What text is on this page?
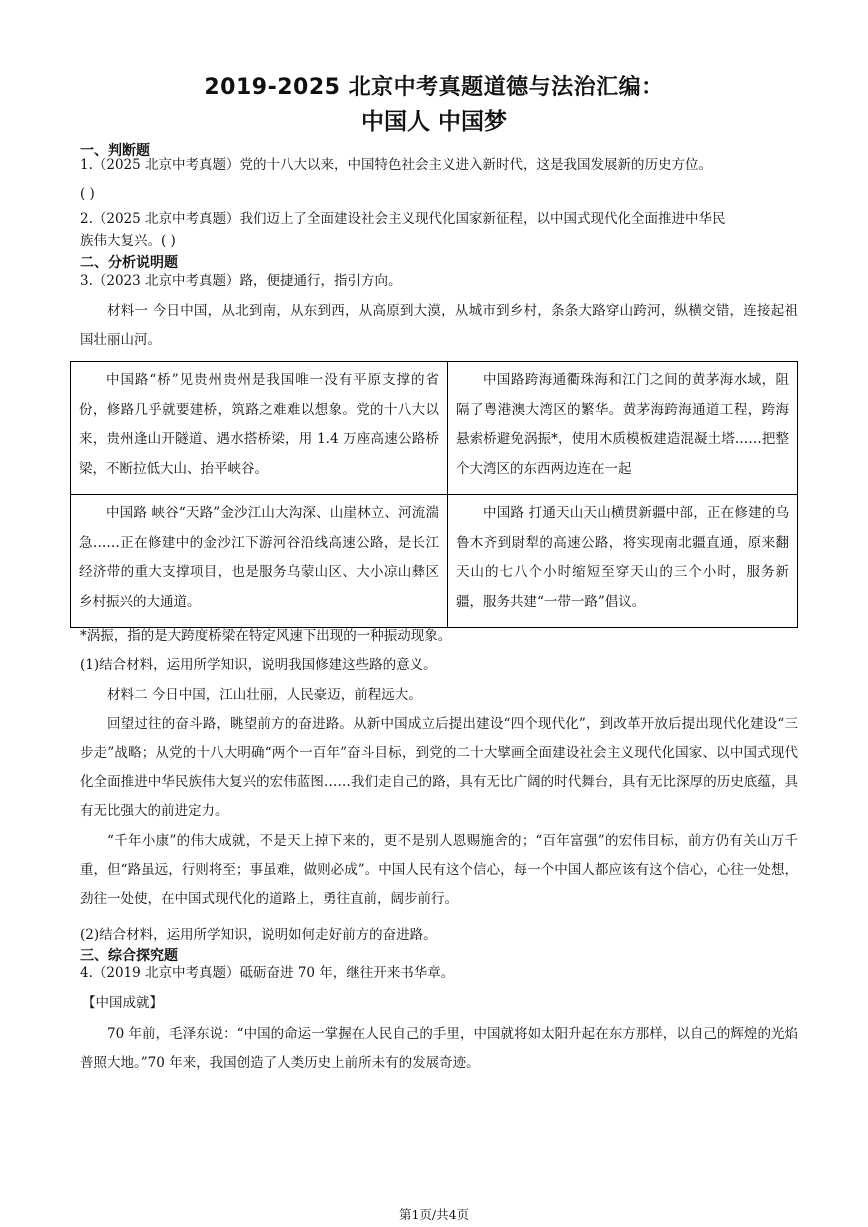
2019-2025 北京中考真题道德与法治汇编：
中国人 中国梦
一、判断题
1.（2025 北京中考真题）党的十八大以来，中国特色社会主义进入新时代，这是我国发展新的历史方位。
( )
2.（2025 北京中考真题）我们迈上了全面建设社会主义现代化国家新征程，以中国式现代化全面推进中华民
族伟大复兴。( )
二、分析说明题
3.（2023 北京中考真题）路，便捷通行，指引方向。
材料一 今日中国，从北到南，从东到西，从高原到大漠，从城市到乡村，条条大路穿山跨河，纵横交错，连接起祖国壮丽山河。
中国路“桥”见贵州贵州是我国唯一没有平原支撑的省份，修路几乎就要建桥，筑路之难难以想象。党的十八大以来，贵州逢山开隧道、遇水搭桥梁，用 1.4 万座高速公路桥梁，不断拉低大山、抬平峡谷。	中国路跨海通衢珠海和江门之间的黄茅海水域，阻隔了粤港澳大湾区的繁华。黄茅海跨海通道工程，跨海悬索桥避免涡振*，使用木质模板建造混凝土塔……把整个大湾区的东西两边连在一起
中国路 峡谷“天路”金沙江山大沟深、山崖林立、河流湍急……正在修建中的金沙江下游河谷沿线高速公路，是长江经济带的重大支撑项目，也是服务乌蒙山区、大小凉山彝区乡村振兴的大通道。	中国路 打通天山天山横贯新疆中部，正在修建的乌鲁木齐到尉犁的高速公路，将实现南北疆直通，原来翻天山的七八个小时缩短至穿天山的三个小时，服务新疆，服务共建“一带一路”倡议。
*涡振，指的是大跨度桥梁在特定风速下出现的一种振动现象。
(1)结合材料，运用所学知识，说明我国修建这些路的意义。
材料二 今日中国，江山壮丽，人民豪迈，前程远大。
回望过往的奋斗路，眺望前方的奋进路。从新中国成立后提出建设“四个现代化”，到改革开放后提出现代化建设“三步走”战略；从党的十八大明确“两个一百年”奋斗目标，到党的二十大擘画全面建设社会主义现代化国家、以中国式现代化全面推进中华民族伟大复兴的宏伟蓝图……我们走自己的路，具有无比广阔的时代舞台，具有无比深厚的历史底蕴，具有无比强大的前进定力。
“千年小康”的伟大成就，不是天上掉下来的，更不是别人恩赐施舍的；“百年富强”的宏伟目标，前方仍有关山万千重，但“路虽远，行则将至；事虽难，做则必成”。中国人民有这个信心，每一个中国人都应该有这个信心，心往一处想，劲往一处使，在中国式现代化的道路上，勇往直前，阔步前行。
(2)结合材料，运用所学知识，说明如何走好前方的奋进路。
三、综合探究题
4.（2019 北京中考真题）砥砺奋进 70 年，继往开来书华章。
【中国成就】
70 年前，毛泽东说：“中国的命运一掌握在人民自己的手里，中国就将如太阳升起在东方那样，以自己的辉煌的光焰普照大地。”70 年来，我国创造了人类历史上前所未有的发展奇迹。
第1页/共4页
